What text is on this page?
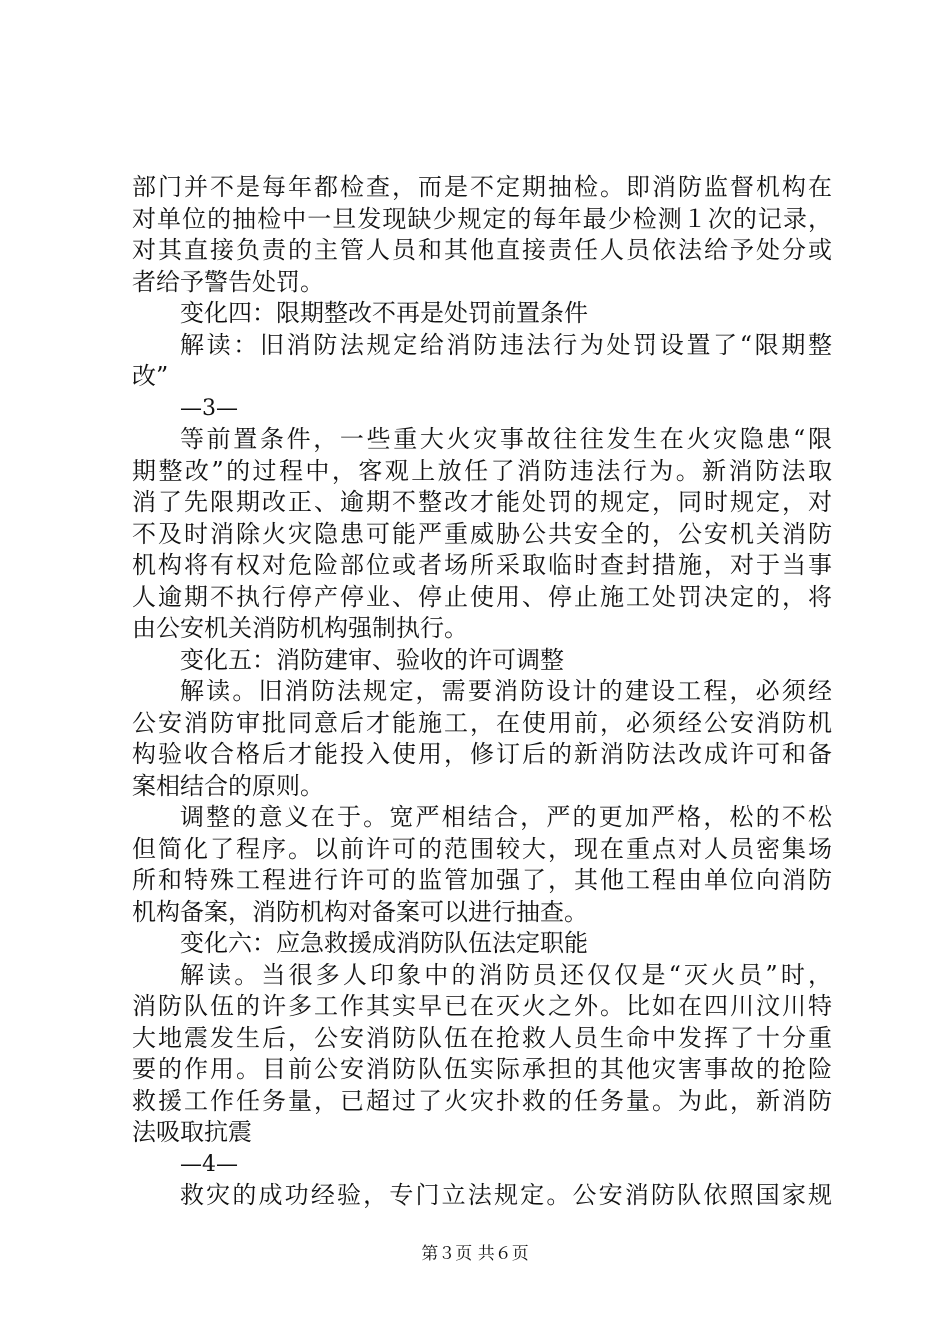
部门并不是每年都检查，而是不定期抽检。即消防监督机构在
对单位的抽检中一旦发现缺少规定的每年最少检测１次的记录，
对其直接负责的主管人员和其他直接责任人员依法给予处分或
者给予警告处罚。
变化四：限期整改不再是处罚前置条件
解读：旧消防法规定给消防违法行为处罚设置了“限期整
改”
—3—
等前置条件，一些重大火灾事故往往发生在火灾隐患“限
期整改”的过程中，客观上放任了消防违法行为。新消防法取
消了先限期改正、逾期不整改才能处罚的规定，同时规定，对
不及时消除火灾隐患可能严重威胁公共安全的，公安机关消防
机构将有权对危险部位或者场所采取临时查封措施，对于当事
人逾期不执行停产停业、停止使用、停止施工处罚决定的，将
由公安机关消防机构强制执行。
变化五：消防建审、验收的许可调整
解读。旧消防法规定，需要消防设计的建设工程，必须经
公安消防审批同意后才能施工，在使用前，必须经公安消防机
构验收合格后才能投入使用，修订后的新消防法改成许可和备
案相结合的原则。
调整的意义在于。宽严相结合，严的更加严格，松的不松
但简化了程序。以前许可的范围较大，现在重点对人员密集场
所和特殊工程进行许可的监管加强了，其他工程由单位向消防
机构备案，消防机构对备案可以进行抽查。
变化六：应急救援成消防队伍法定职能
解读。当很多人印象中的消防员还仅仅是“灭火员”时，
消防队伍的许多工作其实早已在灭火之外。比如在四川汶川特
大地震发生后，公安消防队伍在抢救人员生命中发挥了十分重
要的作用。目前公安消防队伍实际承担的其他灾害事故的抢险
救援工作任务量，已超过了火灾扑救的任务量。为此，新消防
法吸取抗震
—4—
救灾的成功经验，专门立法规定。公安消防队依照国家规
第３页 共６页
